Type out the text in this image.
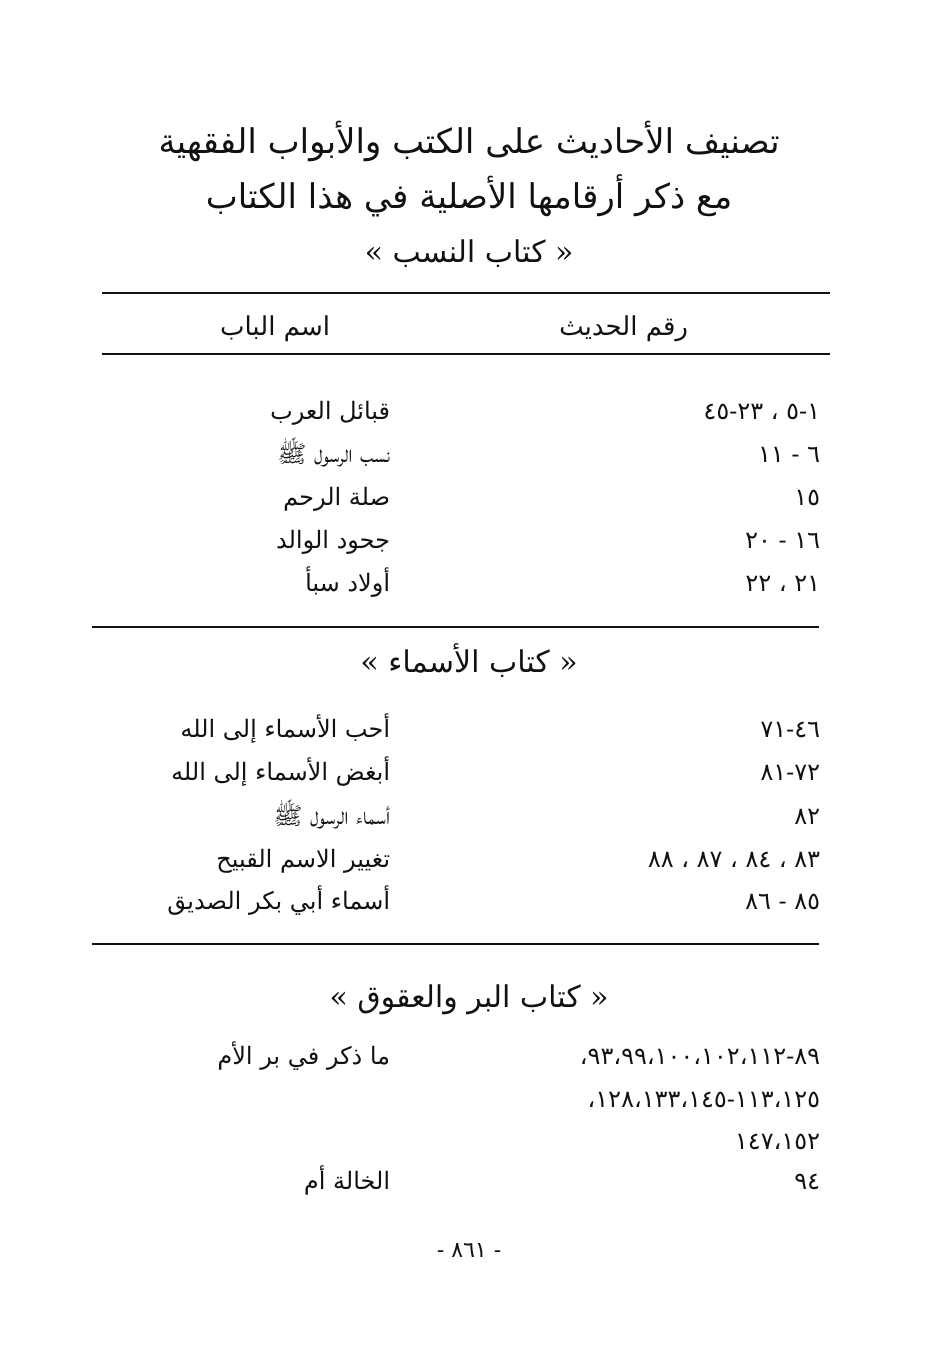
تصنيف الأحاديث على الكتب والأبواب الفقهية
مع ذكر أرقامها الأصلية في هذا الكتاب
« كتاب النسب »
اسم الباب	رقم الحديث
قبائل العرب	١-٥ ، ٢٣-٤٥
نسب الرسول ﷺ	٦ - ١١
صلة الرحم	١٥
جحود الوالد	١٦ - ٢٠
أولاد سبأ	٢١ ، ٢٢
« كتاب الأسماء »
أحب الأسماء إلى الله	٤٦-٧١
أبغض الأسماء إلى الله	٧٢-٨١
أسماء الرسول ﷺ	٨٢
تغيير الاسم القبيح	٨٣ ، ٨٤ ، ٨٧ ، ٨٨
أسماء أبي بكر الصديق	٨٥ - ٨٦
« كتاب البر والعقوق »
ما ذكر في بر الأم	٨٩-٩٣،٩٩،١٠٠،١٠٢،١١٢،
١١٣،١٢٥-١٢٨،١٣٣،١٤٥،
١٤٧،١٥٢
الخالة أم	٩٤
- ٨٦١ -
